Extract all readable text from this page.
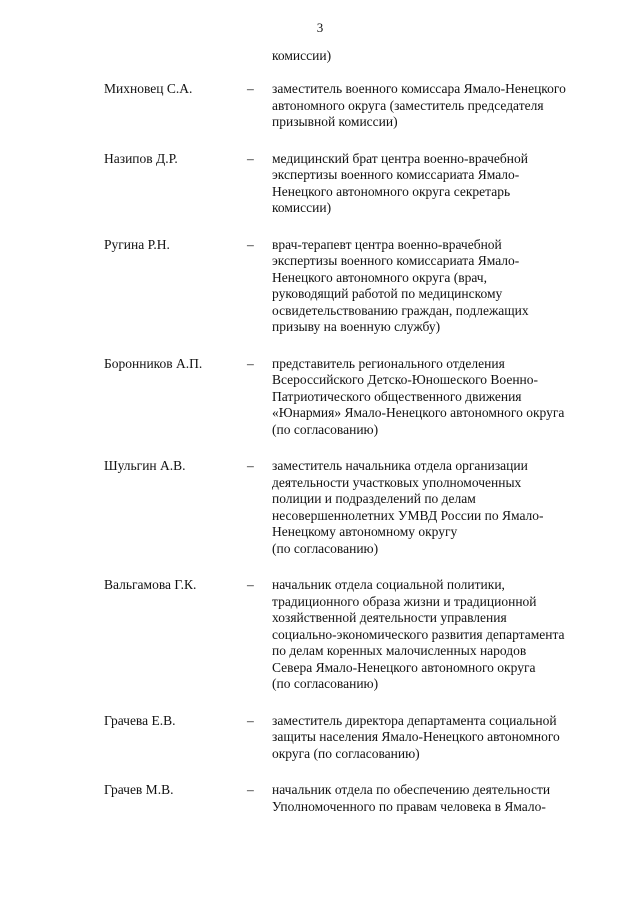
3
комиссии)
Михновец С.А.	– заместитель военного комиссара Ямало-Ненецкого
автономного округа (заместитель председателя
призывной комиссии)
Назипов Д.Р.	– медицинский брат центра военно-врачебной
экспертизы военного комиссариата Ямало-
Ненецкого автономного округа секретарь
комиссии)
Ругина Р.Н.	– врач-терапевт центра военно-врачебной
экспертизы военного комиссариата Ямало-
Ненецкого автономного округа (врач,
руководящий работой по медицинскому
освидетельствованию граждан, подлежащих
призыву на военную службу)
Боронников А.П.	– представитель регионального отделения
Всероссийского Детско-Юношеского Военно-
Патриотического общественного движения
«Юнармия» Ямало-Ненецкого автономного округа
(по согласованию)
Шульгин А.В.	– заместитель начальника отдела организации
деятельности участковых уполномоченных
полиции и подразделений по делам
несовершеннолетних УМВД России по Ямало-
Ненецкому автономному округу
(по согласованию)
Вальгамова Г.К.	– начальник отдела социальной политики,
традиционного образа жизни и традиционной
хозяйственной деятельности управления
социально-экономического развития департамента
по делам коренных малочисленных народов
Севера Ямало-Ненецкого автономного округа
(по согласованию)
Грачева Е.В.	– заместитель директора департамента социальной
защиты населения Ямало-Ненецкого автономного
округа (по согласованию)
Грачев М.В.	– начальник отдела по обеспечению деятельности
Уполномоченного по правам человека в Ямало-
